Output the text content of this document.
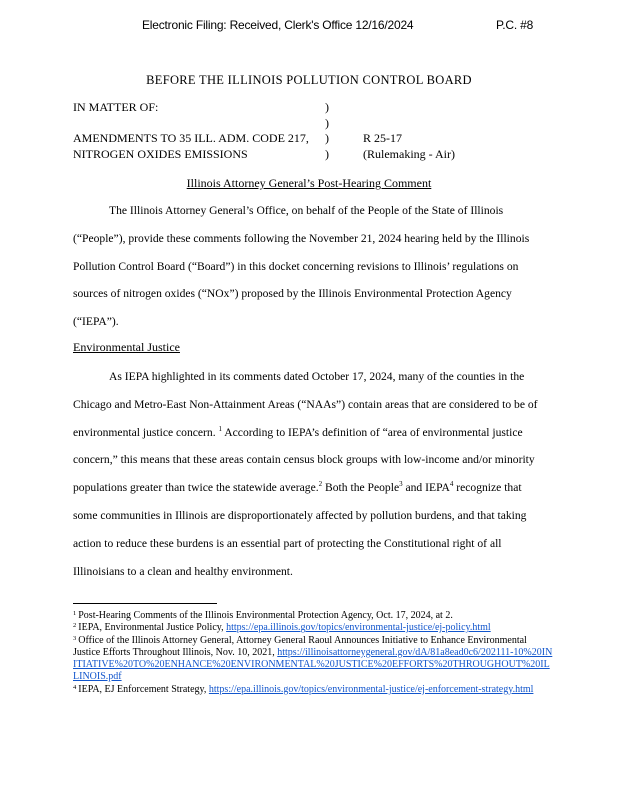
Electronic Filing: Received, Clerk's Office 12/16/2024	P.C. #8
BEFORE THE ILLINOIS POLLUTION CONTROL BOARD
IN MATTER OF:	)
)
AMENDMENTS TO 35 ILL. ADM. CODE 217, )	R 25-17
NITROGEN OXIDES EMISSIONS	)	(Rulemaking - Air)
Illinois Attorney General’s Post-Hearing Comment
The Illinois Attorney General’s Office, on behalf of the People of the State of Illinois (“People”), provide these comments following the November 21, 2024 hearing held by the Illinois Pollution Control Board (“Board”) in this docket concerning revisions to Illinois’ regulations on sources of nitrogen oxides (“NOx”) proposed by the Illinois Environmental Protection Agency (“IEPA”).
Environmental Justice
As IEPA highlighted in its comments dated October 17, 2024, many of the counties in the Chicago and Metro-East Non-Attainment Areas (“NAAs”) contain areas that are considered to be of environmental justice concern. $^1$ According to IEPA’s definition of “area of environmental justice concern,” this means that these areas contain census block groups with low-income and/or minority populations greater than twice the statewide average.$^2$ Both the People$^3$ and IEPA$^4$ recognize that some communities in Illinois are disproportionately affected by pollution burdens, and that taking action to reduce these burdens is an essential part of protecting the Constitutional right of all Illinoisians to a clean and healthy environment.

$^1$ Post-Hearing Comments of the Illinois Environmental Protection Agency, Oct. 17, 2024, at 2.

$^2$ IEPA, Environmental Justice Policy, https://epa.illinois.gov/topics/environmental-justice/ej-policy.html

$^3$ Office of the Illinois Attorney General, Attorney General Raoul Announces Initiative to Enhance Environmental Justice Efforts Throughout Illinois, Nov. 10, 2021, https://illinoisattorneygeneral.gov/dA/81a8ead0c6/202111-10%20INITIATIVE%20TO%20ENHANCE%20ENVIRONMENTAL%20JUSTICE%20EFFORTS%20THROUGHOUT%20ILLINOIS.pdf

$^4$ IEPA, EJ Enforcement Strategy, https://epa.illinois.gov/topics/environmental-justice/ej-enforcement-strategy.html
